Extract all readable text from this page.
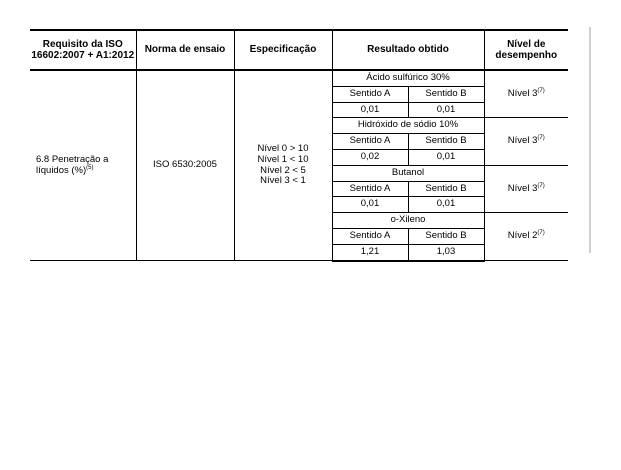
Requisito da ISO 16602:2007 + A1:2012	Norma de ensaio	Especificação	Resultado obtido		Nível de desempenho
6.8 Penetração a líquidos (%)$^{(5)}$	ISO 6530:2005	Nível 0 > 10
Nível 1 < 10
Nível 2 < 5
Nível 3 < 1	Ácido sulfúrico 30%		Nível 3$^{(7)}$
			Sentido A	Sentido B	
			0,01	0,01	
			Hidróxido de sódio 10%		Nível 3$^{(7)}$
			Sentido A	Sentido B	
			0,02	0,01	
			Butanol		Nível 3$^{(7)}$
			Sentido A	Sentido B	
			0,01	0,01	
			o-Xileno		Nível 2$^{(7)}$
			Sentido A	Sentido B	
			1,21	1,03	
